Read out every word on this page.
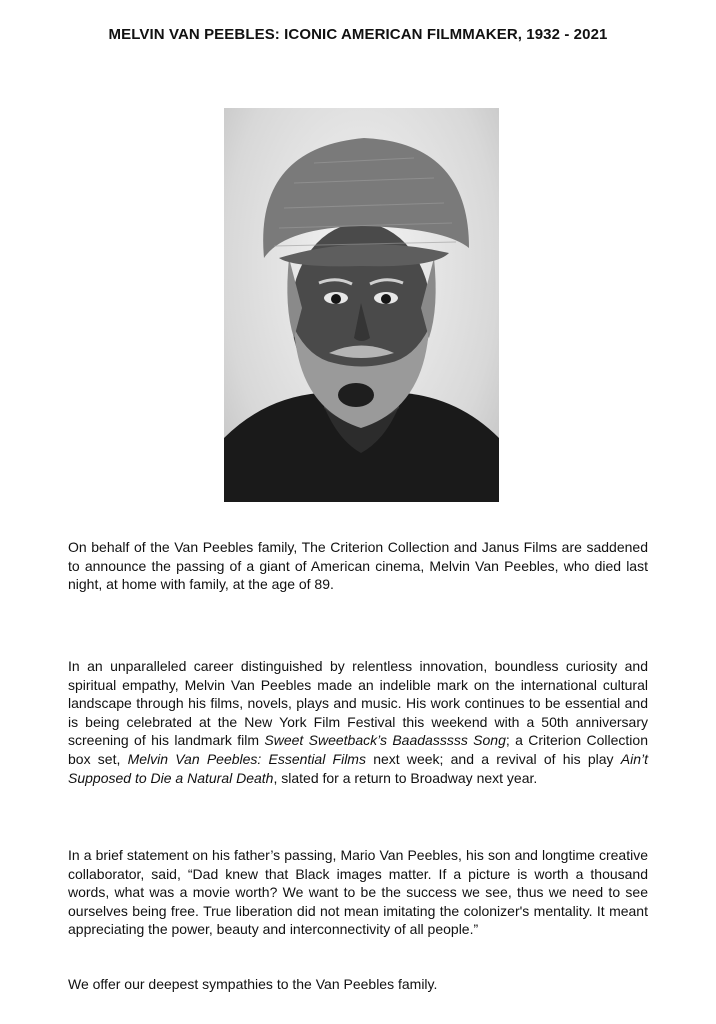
MELVIN VAN PEEBLES: ICONIC AMERICAN FILMMAKER, 1932 - 2021

On behalf of the Van Peebles family, The Criterion Collection and Janus Films are saddened to announce the passing of a giant of American cinema, Melvin Van Peebles, who died last night, at home with family, at the age of 89.

In an unparalleled career distinguished by relentless innovation, boundless curiosity and spiritual empathy, Melvin Van Peebles made an indelible mark on the international cultural landscape through his films, novels, plays and music. His work continues to be essential and is being celebrated at the New York Film Festival this weekend with a 50th anniversary screening of his landmark film Sweet Sweetback’s Baadasssss Song; a Criterion Collection box set, Melvin Van Peebles: Essential Films next week; and a revival of his play Ain’t Supposed to Die a Natural Death, slated for a return to Broadway next year.

In a brief statement on his father’s passing, Mario Van Peebles, his son and longtime creative collaborator, said, “Dad knew that Black images matter. If a picture is worth a thousand words, what was a movie worth? We want to be the success we see, thus we need to see ourselves being free. True liberation did not mean imitating the colonizer's mentality. It meant appreciating the power, beauty and interconnectivity of all people.”

We offer our deepest sympathies to the Van Peebles family.
